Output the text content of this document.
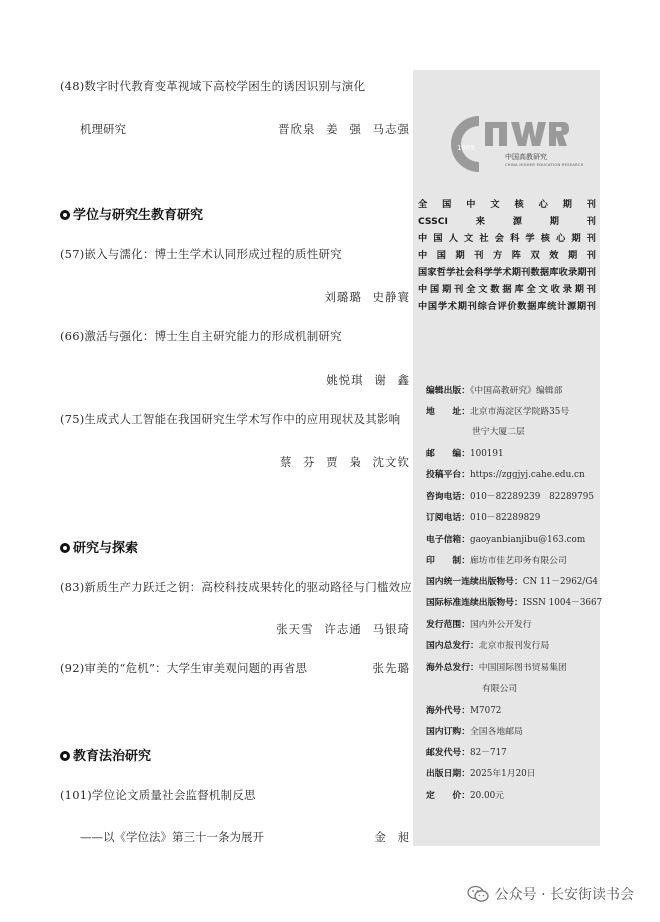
(48)数字时代教育变革视域下高校学困生的诱因识别与演化
机理研究	晋欣泉 姜 强 马志强
学位与研究生教育研究
(57)嵌入与濡化：博士生学术认同形成过程的质性研究
刘璐璐 史静寰
(66)激活与强化：博士生自主研究能力的形成机制研究
姚悦琪 谢 鑫
(75)生成式人工智能在我国研究生学术写作中的应用现状及其影响
蔡 芬 贾 枭 沈文钦
研究与探索
(83)新质生产力跃迁之钥：高校科技成果转化的驱动路径与门槛效应
张天雪 许志通 马银琦
(92)审美的“危机”：大学生审美观问题的再省思	张先璐
教育法治研究
(101)学位论文质量社会监督机制反思
——以《学位法》第三十一条为展开	金 昶
1985
中国高教研究
CHINA HIGHER EDUCATION RESEARCH
全国中文核心期刊
CSSCI来源期刊
中国人文社会科学核心期刊
中国期刊方阵双效期刊
国家哲学社会科学学术期刊数据库收录期刊
中国期刊全文数据库全文收录期刊
中国学术期刊综合评价数据库统计源期刊
编辑出版：《中国高教研究》编辑部
地　　址：北京市海淀区学院路35号
世宁大厦二层
邮　　编：100191
投稿平台：https://zggjyj.cahe.edu.cn
咨询电话：010－82289239　82289795
订阅电话：010－82289829
电子信箱：gaoyanbianjibu@163.com
印　　制：廊坊市佳艺印务有限公司
国内统一连续出版物号：CN 11－2962/G4
国际标准连续出版物号：ISSN 1004－3667
发行范围：国内外公开发行
国内总发行：北京市报刊发行局
海外总发行：中国国际图书贸易集团
有限公司
海外代号：M7072
国内订购：全国各地邮局
邮发代号：82－717
出版日期：2025年1月20日
定　　价：20.00元
公众号 · 长安街读书会
